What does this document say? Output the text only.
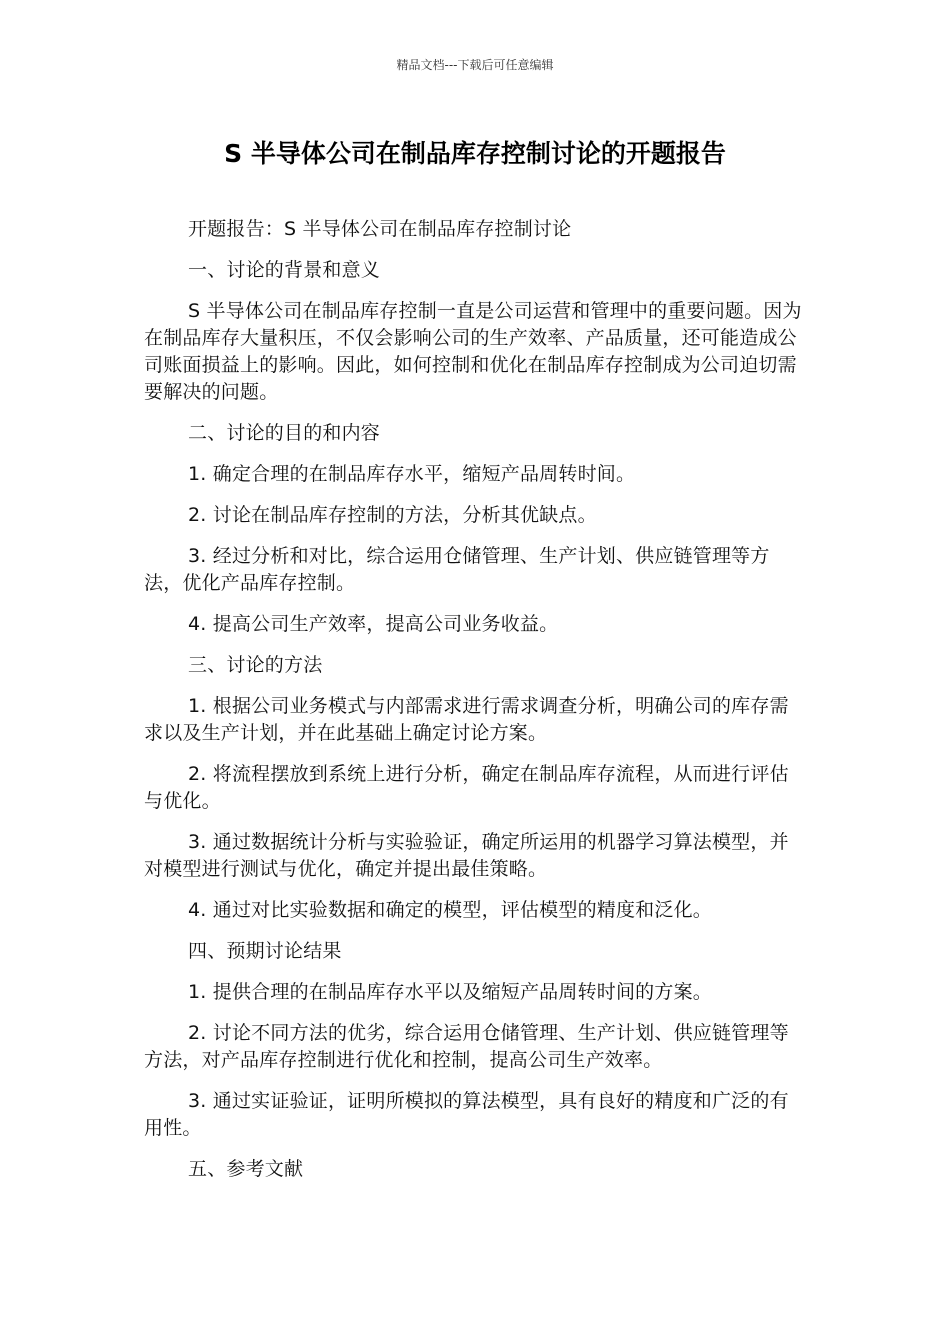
精品文档---下载后可任意编辑
S 半导体公司在制品库存控制讨论的开题报告

开题报告：S 半导体公司在制品库存控制讨论

一、讨论的背景和意义

S 半导体公司在制品库存控制一直是公司运营和管理中的重要问题。因为在制品库存大量积压，不仅会影响公司的生产效率、产品质量，还可能造成公司账面损益上的影响。因此，如何控制和优化在制品库存控制成为公司迫切需要解决的问题。

二、讨论的目的和内容

1. 确定合理的在制品库存水平，缩短产品周转时间。

2. 讨论在制品库存控制的方法，分析其优缺点。

3. 经过分析和对比，综合运用仓储管理、生产计划、供应链管理等方法，优化产品库存控制。

4. 提高公司生产效率，提高公司业务收益。

三、讨论的方法

1. 根据公司业务模式与内部需求进行需求调查分析，明确公司的库存需求以及生产计划，并在此基础上确定讨论方案。

2. 将流程摆放到系统上进行分析，确定在制品库存流程，从而进行评估与优化。

3. 通过数据统计分析与实验验证，确定所运用的机器学习算法模型，并对模型进行测试与优化，确定并提出最佳策略。

4. 通过对比实验数据和确定的模型，评估模型的精度和泛化。

四、预期讨论结果

1. 提供合理的在制品库存水平以及缩短产品周转时间的方案。

2. 讨论不同方法的优劣，综合运用仓储管理、生产计划、供应链管理等方法，对产品库存控制进行优化和控制，提高公司生产效率。

3. 通过实证验证，证明所模拟的算法模型，具有良好的精度和广泛的有用性。

五、参考文献
